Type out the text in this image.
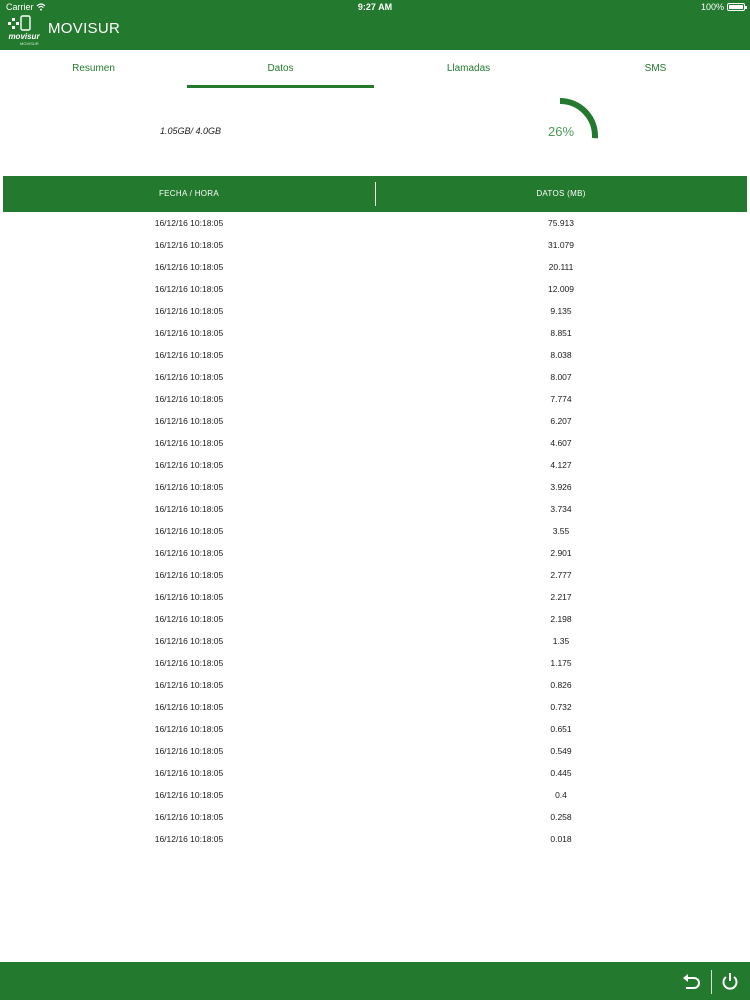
Carrier	9:27 AM	100%
movisur
MOVISUR
MOVISUR
Resumen	Datos	Llamadas	SMS
1.05GB/ 4.0GB	26%
FECHA / HORA	DATOS (MB)
16/12/16 10:18:05	75.913
16/12/16 10:18:05	31.079
16/12/16 10:18:05	20.111
16/12/16 10:18:05	12.009
16/12/16 10:18:05	9.135
16/12/16 10:18:05	8.851
16/12/16 10:18:05	8.038
16/12/16 10:18:05	8.007
16/12/16 10:18:05	7.774
16/12/16 10:18:05	6.207
16/12/16 10:18:05	4.607
16/12/16 10:18:05	4.127
16/12/16 10:18:05	3.926
16/12/16 10:18:05	3.734
16/12/16 10:18:05	3.55
16/12/16 10:18:05	2.901
16/12/16 10:18:05	2.777
16/12/16 10:18:05	2.217
16/12/16 10:18:05	2.198
16/12/16 10:18:05	1.35
16/12/16 10:18:05	1.175
16/12/16 10:18:05	0.826
16/12/16 10:18:05	0.732
16/12/16 10:18:05	0.651
16/12/16 10:18:05	0.549
16/12/16 10:18:05	0.445
16/12/16 10:18:05	0.4
16/12/16 10:18:05	0.258
16/12/16 10:18:05	0.018
